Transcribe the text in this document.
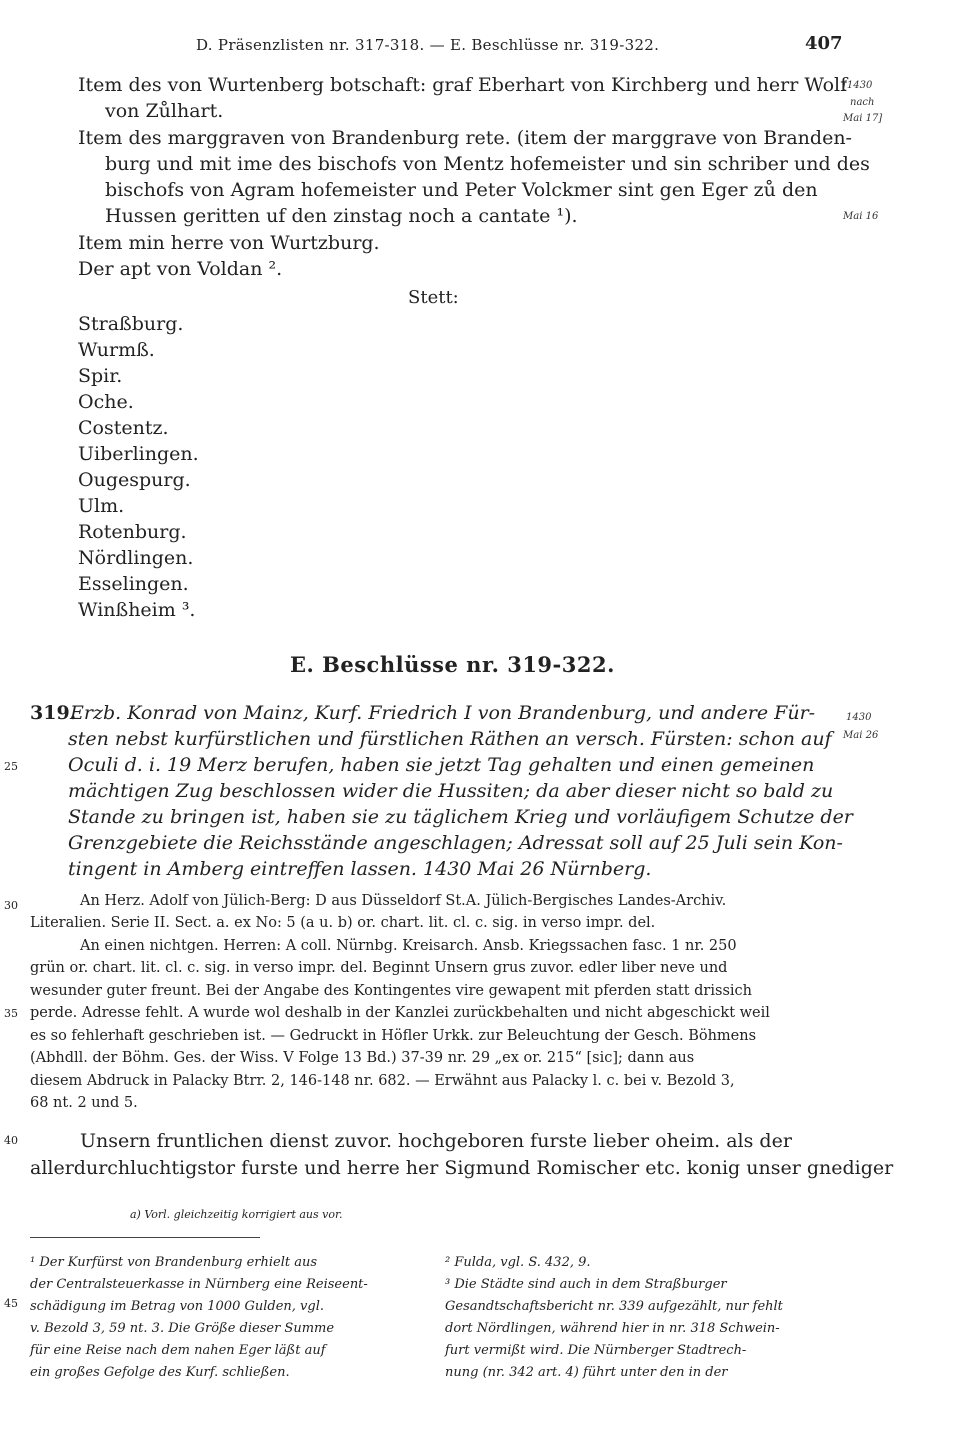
D. Präsenzlisten nr. 317-318. — E. Beschlüsse nr. 319-322.	407
Item des von Wurtenberg botschaft: graf Eberhart von Kirchberg und herr Wolf
von Zůlhart.
Item des marggraven von Brandenburg rete. (item der marggrave von Branden-
burg und mit ime des bischofs von Mentz hofemeister und sin schriber und des
bischofs von Agram hofemeister und Peter Volckmer sint gen Eger zů den
Hussen geritten uf den zinstag noch a cantate ¹).
Item min herre von Wurtzburg.
Der apt von Voldan ².
[1430
nach
Mai 17]
Mai 16
Stett:
Straßburg.
Wurmß.
Spir.
Oche.
Costentz.
Uiberlingen.
Ougespurg.
Ulm.
Rotenburg.
Nördlingen.
Esselingen.
Winßheim ³.
E. Beschlüsse nr. 319-322.
319.
Erzb. Konrad von Mainz, Kurf. Friedrich I von Brandenburg, und andere Für-
sten nebst kurfürstlichen und fürstlichen Räthen an versch. Fürsten: schon auf
Oculi d. i. 19 Merz berufen, haben sie jetzt Tag gehalten und einen gemeinen
mächtigen Zug beschlossen wider die Hussiten; da aber dieser nicht so bald zu
Stande zu bringen ist, haben sie zu täglichem Krieg und vorläufigem Schutze der
Grenzgebiete die Reichsstände angeschlagen; Adressat soll auf 25 Juli sein Kon-
tingent in Amberg eintreffen lassen. 1430 Mai 26 Nürnberg.
1430
Mai 26
25
30
35
40
45
An Herz. Adolf von Jülich-Berg: D aus Düsseldorf St.A. Jülich-Bergisches Landes-Archiv.
Literalien. Serie II. Sect. a. ex No: 5 (a u. b) or. chart. lit. cl. c. sig. in verso impr. del.
An einen nichtgen. Herren: A coll. Nürnbg. Kreisarch. Ansb. Kriegssachen fasc. 1 nr. 250
grün or. chart. lit. cl. c. sig. in verso impr. del. Beginnt Unsern grus zuvor. edler liber neve und
wesunder guter freunt. Bei der Angabe des Kontingentes vire gewapent mit pferden statt drissich
perde. Adresse fehlt. A wurde wol deshalb in der Kanzlei zurückbehalten und nicht abgeschickt weil
es so fehlerhaft geschrieben ist. — Gedruckt in Höfler Urkk. zur Beleuchtung der Gesch. Böhmens
(Abhdll. der Böhm. Ges. der Wiss. V Folge 13 Bd.) 37-39 nr. 29 „ex or. 215“ [sic]; dann aus
diesem Abdruck in Palacky Btrr. 2, 146-148 nr. 682. — Erwähnt aus Palacky l. c. bei v. Bezold 3,
68 nt. 2 und 5.
Unsern fruntlichen dienst zuvor. hochgeboren furste lieber oheim. als der
allerdurchluchtigstor furste und herre her Sigmund Romischer etc. konig unser gnediger
a) Vorl. gleichzeitig korrigiert aus vor.
¹ Der Kurfürst von Brandenburg erhielt aus
der Centralsteuerkasse in Nürnberg eine Reiseent-
schädigung im Betrag von 1000 Gulden, vgl.
v. Bezold 3, 59 nt. 3. Die Größe dieser Summe
für eine Reise nach dem nahen Eger läßt auf
ein großes Gefolge des Kurf. schließen.
² Fulda, vgl. S. 432, 9.
³ Die Städte sind auch in dem Straßburger
Gesandtschaftsbericht nr. 339 aufgezählt, nur fehlt
dort Nördlingen, während hier in nr. 318 Schwein-
furt vermißt wird. Die Nürnberger Stadtrech-
nung (nr. 342 art. 4) führt unter den in der
